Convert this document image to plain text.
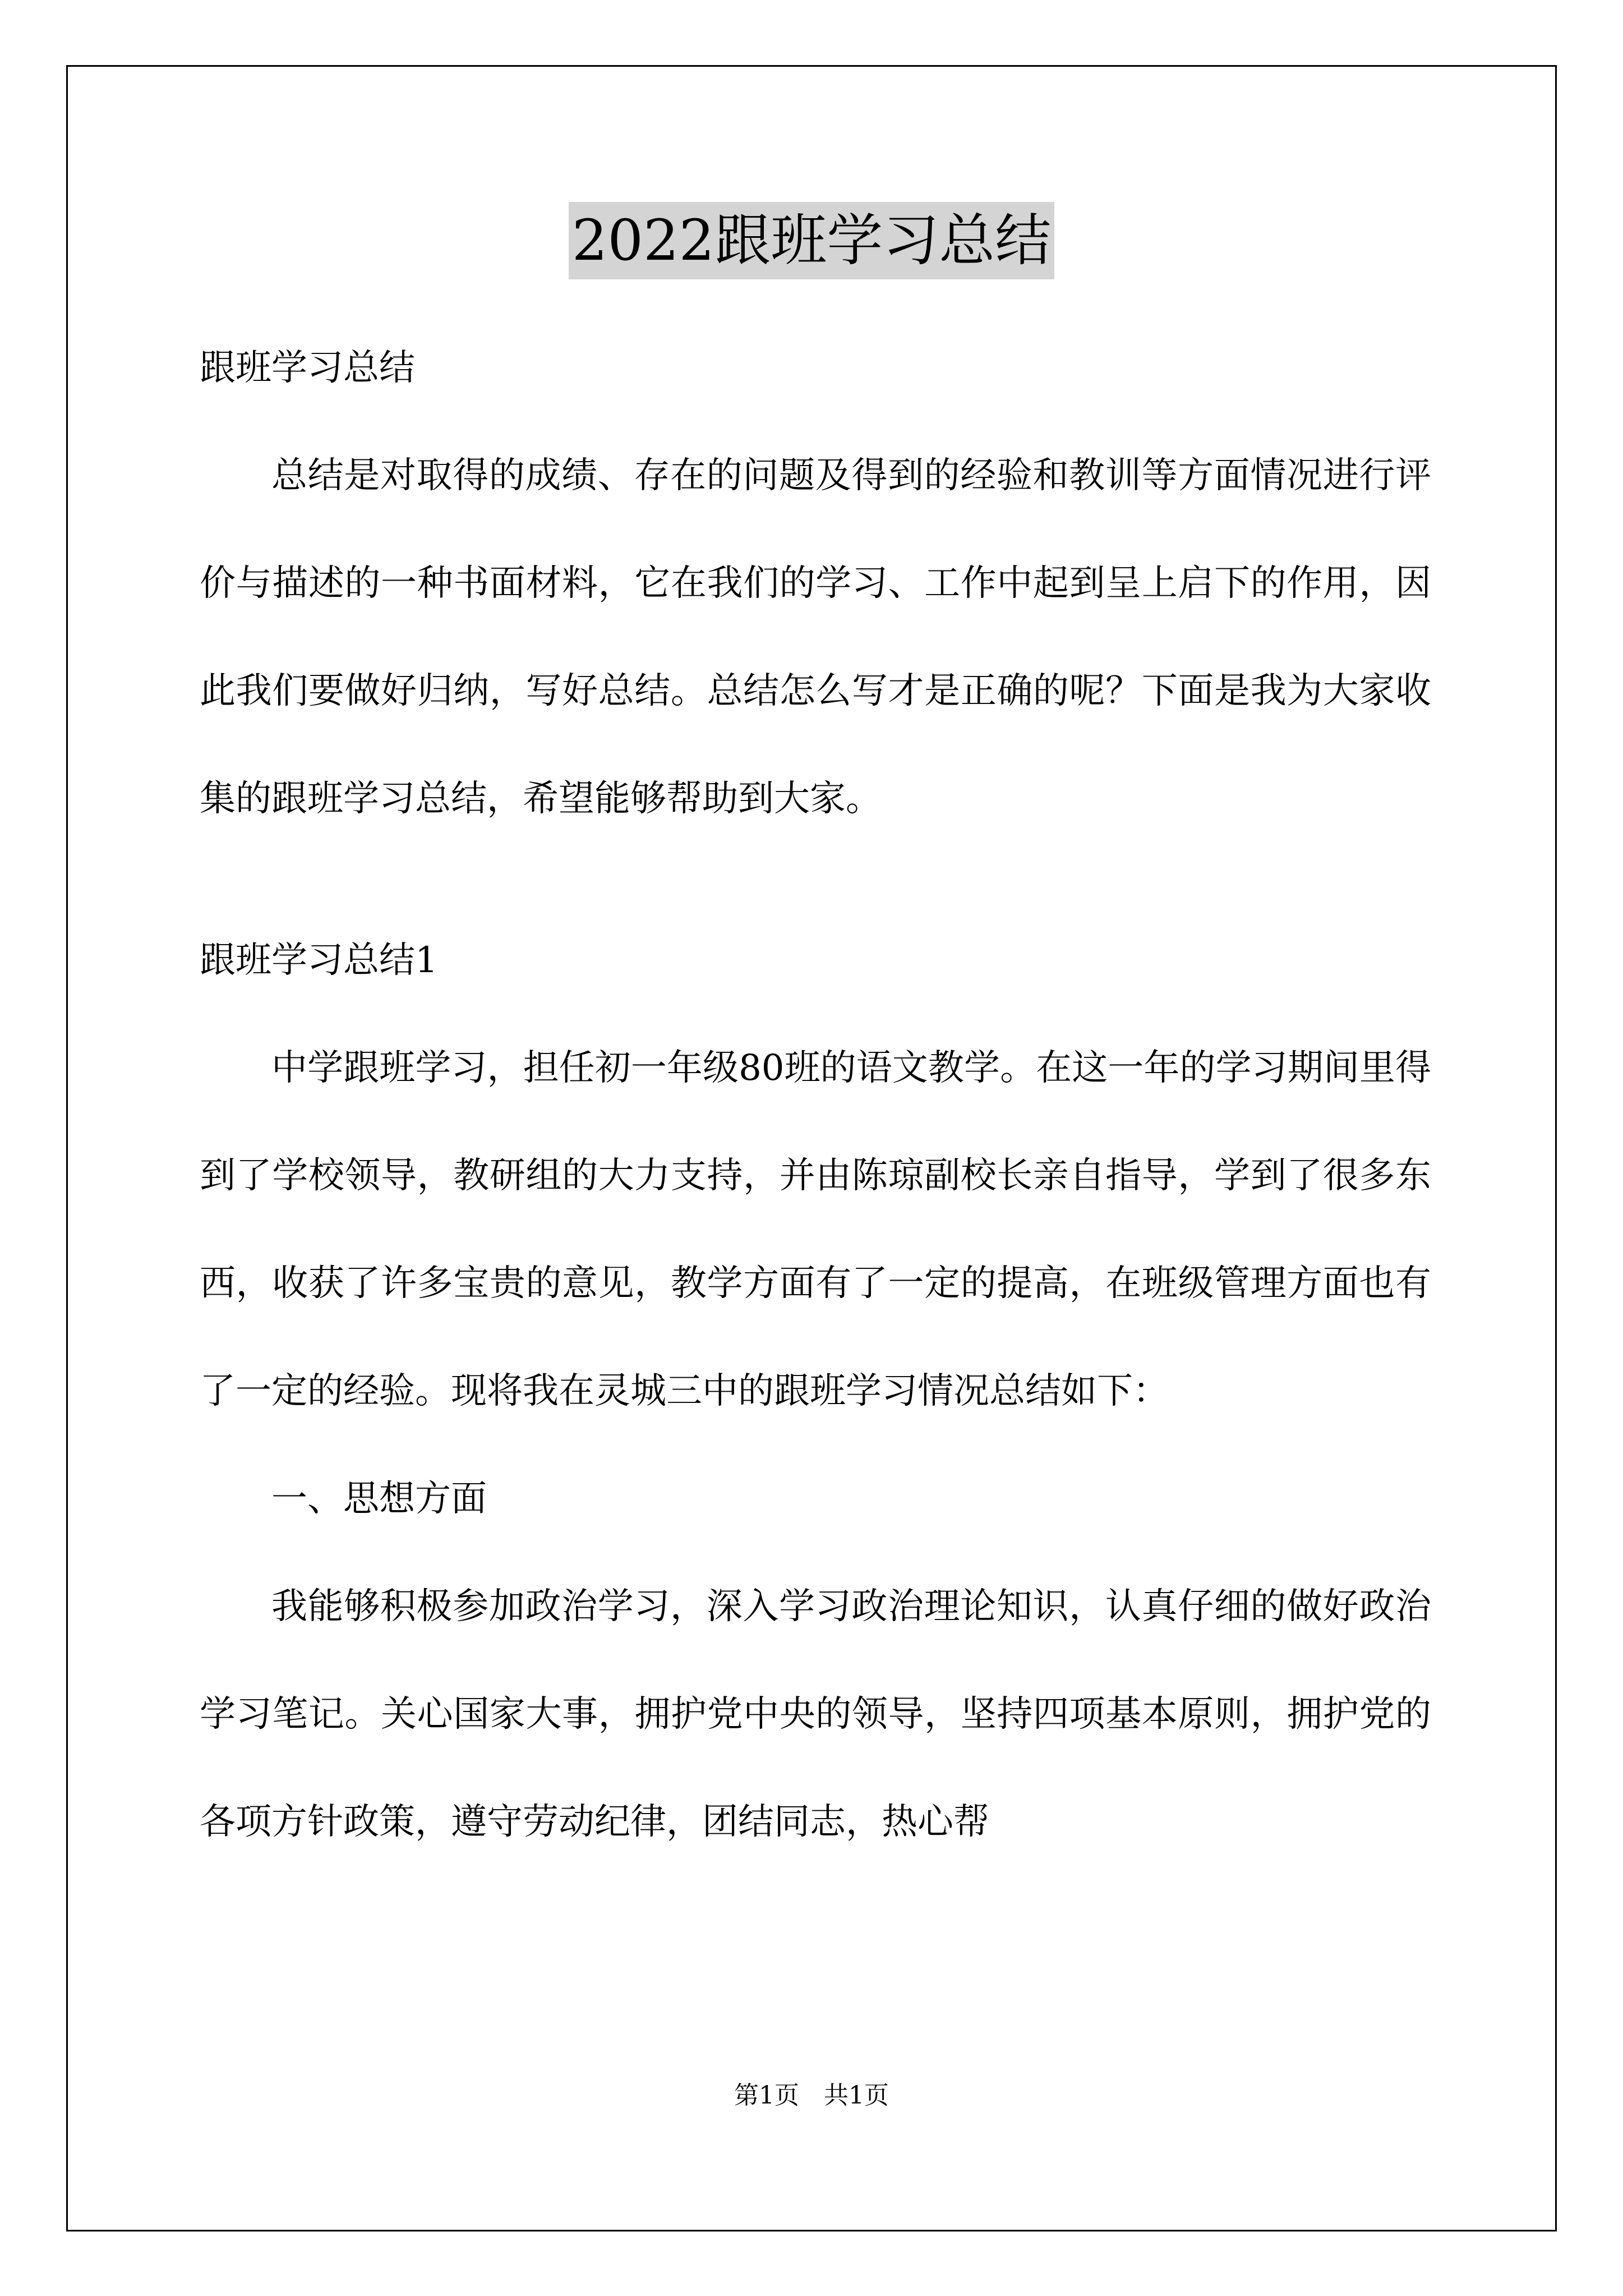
2022跟班学习总结

跟班学习总结

总结是对取得的成绩、存在的问题及得到的经验和教训等方面情况进行评价与描述的一种书面材料，它在我们的学习、工作中起到呈上启下的作用，因此我们要做好归纳，写好总结。总结怎么写才是正确的呢？下面是我为大家收集的跟班学习总结，希望能够帮助到大家。

跟班学习总结1

中学跟班学习，担任初一年级80班的语文教学。在这一年的学习期间里得到了学校领导，教研组的大力支持，并由陈琼副校长亲自指导，学到了很多东西，收获了许多宝贵的意见，教学方面有了一定的提高，在班级管理方面也有了一定的经验。现将我在灵城三中的跟班学习情况总结如下：

一、思想方面

我能够积极参加政治学习，深入学习政治理论知识，认真仔细的做好政治学习笔记。关心国家大事，拥护党中央的领导，坚持四项基本原则，拥护党的各项方针政策，遵守劳动纪律，团结同志，热心帮

第1页　共1页
